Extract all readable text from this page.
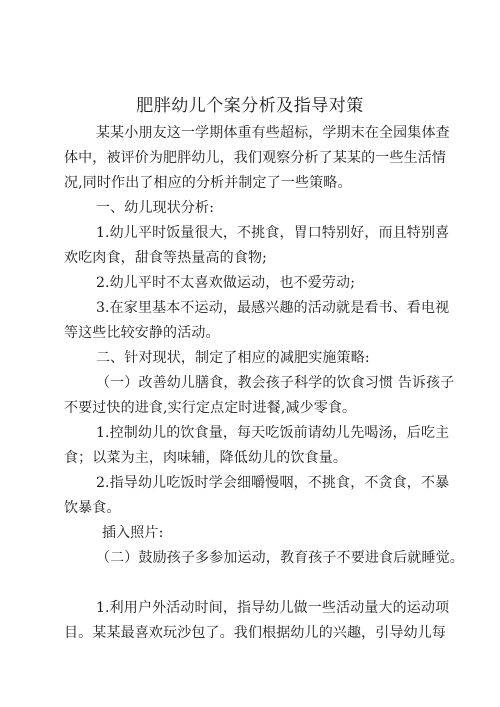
肥胖幼儿个案分析及指导对策
某某小朋友这一学期体重有些超标，学期末在全园集体查
体中，被评价为肥胖幼儿，我们观察分析了某某的一些生活情
况,同时作出了相应的分析并制定了一些策略。
一、幼儿现状分析:
1.幼儿平时饭量很大，不挑食，胃口特别好，而且特别喜
欢吃肉食，甜食等热量高的食物;
2.幼儿平时不太喜欢做运动，也不爱劳动;
3.在家里基本不运动，最感兴趣的活动就是看书、看电视
等这些比较安静的活动。
二、针对现状，制定了相应的减肥实施策略:
（一）改善幼儿膳食，教会孩子科学的饮食习惯 告诉孩子
不要过快的进食,实行定点定时进餐,减少零食。
1.控制幼儿的饮食量，每天吃饭前请幼儿先喝汤，后吃主
食；以菜为主，肉味辅，降低幼儿的饮食量。
2.指导幼儿吃饭时学会细嚼慢咽，不挑食，不贪食，不暴
饮暴食。
插入照片:
（二）鼓励孩子多参加运动，教育孩子不要进食后就睡觉。
1.利用户外活动时间，指导幼儿做一些活动量大的运动项
目。某某最喜欢玩沙包了。我们根据幼儿的兴趣，引导幼儿每
